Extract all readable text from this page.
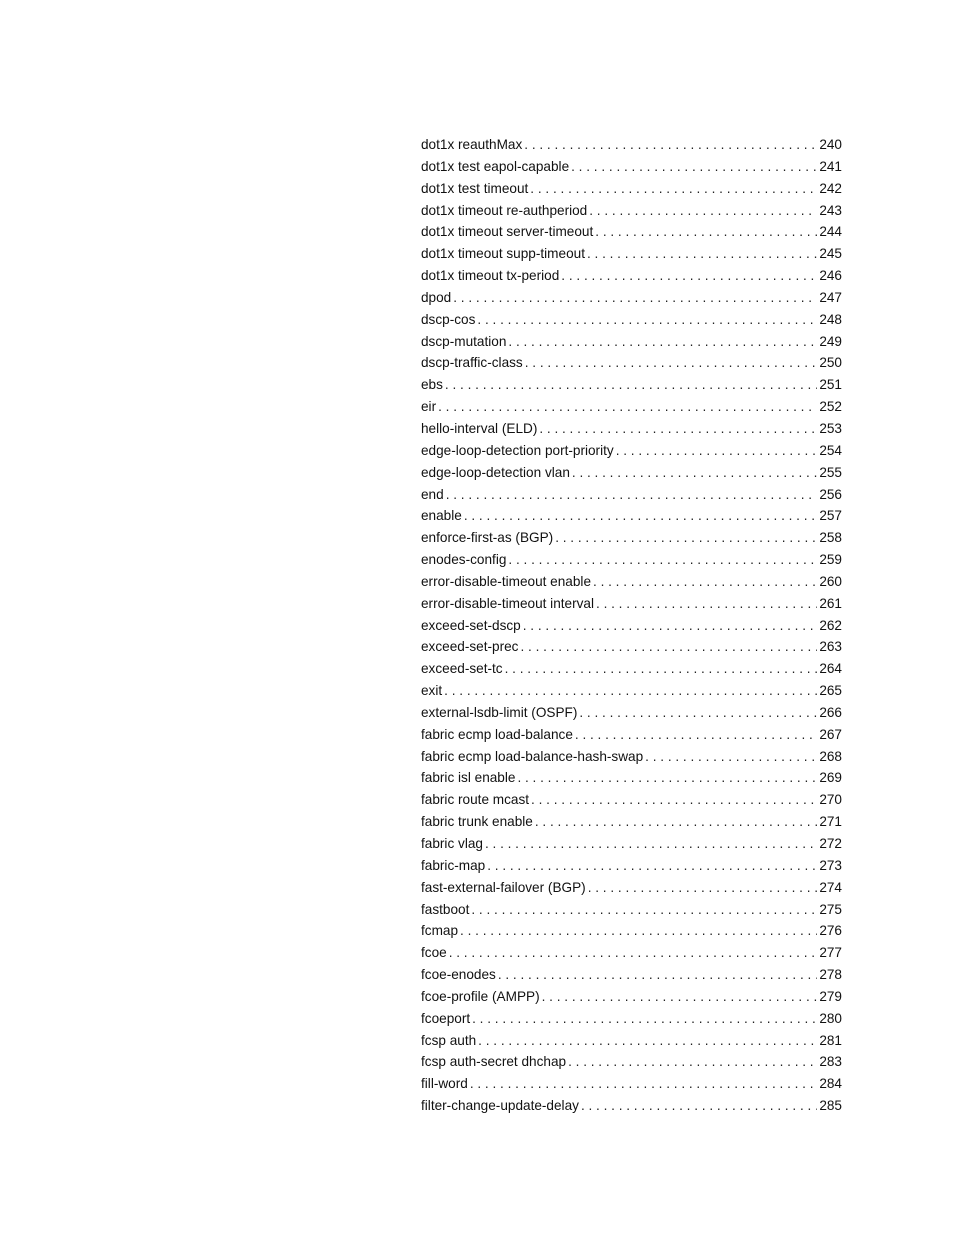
dot1x reauthMax . . .	240
dot1x test eapol-capable . . .	241
dot1x test timeout . . .	242
dot1x timeout re-authperiod . . .	243
dot1x timeout server-timeout . . .	244
dot1x timeout supp-timeout . . .	245
dot1x timeout tx-period . . .	246
dpod . . .	247
dscp-cos . . .	248
dscp-mutation . . .	249
dscp-traffic-class . . .	250
ebs . . .	251
eir . . .	252
hello-interval (ELD) . . .	253
edge-loop-detection port-priority . . .	254
edge-loop-detection vlan . . .	255
end . . .	256
enable . . .	257
enforce-first-as (BGP) . . .	258
enodes-config . . .	259
error-disable-timeout enable . . .	260
error-disable-timeout interval . . .	261
exceed-set-dscp . . .	262
exceed-set-prec . . .	263
exceed-set-tc . . .	264
exit . . .	265
external-lsdb-limit (OSPF) . . .	266
fabric ecmp load-balance . . .	267
fabric ecmp load-balance-hash-swap . . .	268
fabric isl enable . . .	269
fabric route mcast . . .	270
fabric trunk enable . . .	271
fabric vlag . . .	272
fabric-map . . .	273
fast-external-failover (BGP) . . .	274
fastboot . . .	275
fcmap . . .	276
fcoe . . .	277
fcoe-enodes . . .	278
fcoe-profile (AMPP) . . .	279
fcoeport . . .	280
fcsp auth . . .	281
fcsp auth-secret dhchap . . .	283
fill-word . . .	284
filter-change-update-delay . . .	285
